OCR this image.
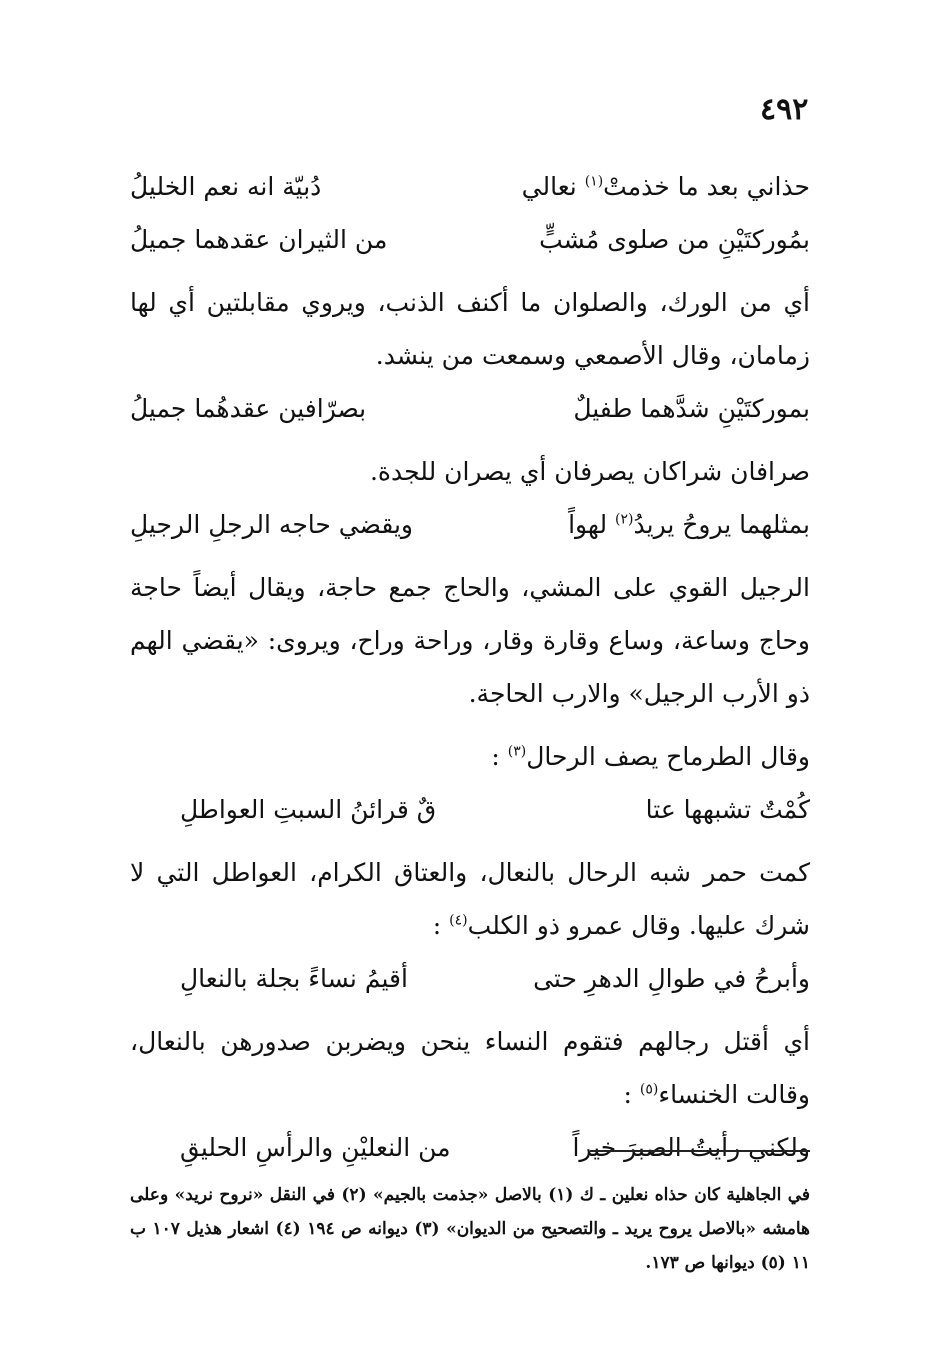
٤٩٢
حذاني بعد ما خذمتْ$^{(١)}$ نعالي
دُبيّة انه نعم الخليلُ
بمُوركتَيْنِ من صلوى مُشبٍّ
من الثيران عقدهما جميلُ

أي من الورك، والصلوان ما أكنف الذنب، ويروي مقابلتين أي لها زمامان، وقال الأصمعي وسمعت من ينشد.

بموركتَيْنِ شدَّهما طفيلٌ
بصرّافين عقدهُما جميلُ

صرافان شراكان يصرفان أي يصران للجدة.

بمثلهما يروحُ يريدُ$^{(٢)}$ لهواً
ويقضي حاجه الرجلِ الرجيلِ

الرجيل القوي على المشي، والحاج جمع حاجة، ويقال أيضاً حاجة وحاج وساعة، وساع وقارة وقار، وراحة وراح، ويروى: «يقضي الهم ذو الأرب الرجيل» والارب الحاجة.

وقال الطرماح يصف الرحال$^{(٣)}$ :

كُمْتٌ تشبهها عتا
قٌ قرائنُ السبتِ العواطلِ

كمت حمر شبه الرحال بالنعال، والعتاق الكرام، العواطل التي لا شرك عليها. وقال عمرو ذو الكلب$^{(٤)}$ :

وأبرحُ في طوالِ الدهرِ حتى
أقيمُ نساءً بجلة بالنعالِ

أي أقتل رجالهم فتقوم النساء ينحن ويضربن صدورهن بالنعال، وقالت الخنساء$^{(٥)}$ :

ولكني رأيتُ الصبرَ خيراً
من النعليْنِ والرأسِ الحليقِ
في الجاهلية كان حذاه نعلين ـ ك (١) بالاصل «جذمت بالجيم» (٢) في النقل «نروح نريد» وعلى هامشه «بالاصل يروح يريد ـ والتصحيح من الديوان» (٣) ديوانه ص ١٩٤ (٤) اشعار هذيل ١٠٧ ب ١١ (٥) ديوانها ص ١٧٣.
